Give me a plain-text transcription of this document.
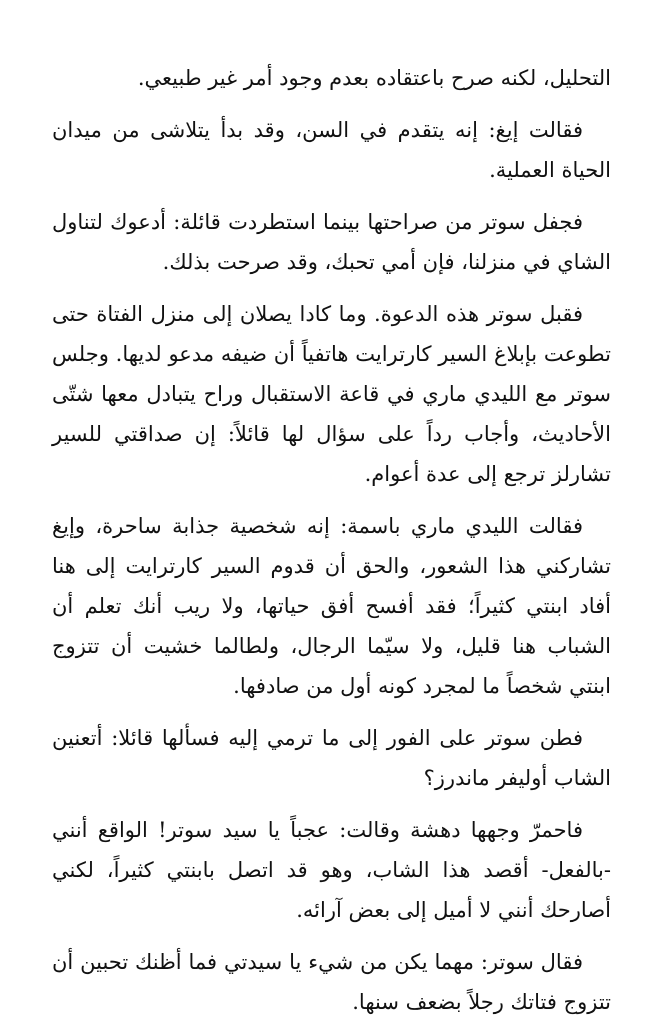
التحليل، لكنه صرح باعتقاده بعدم وجود أمر غير طبيعي.

فقالت إيغ: إنه يتقدم في السن، وقد بدأ يتلاشى من ميدان الحياة العملية.

فجفل سوتر من صراحتها بينما استطردت قائلة: أدعوك لتناول الشاي في منزلنا، فإن أمي تحبك، وقد صرحت بذلك.

فقبل سوتر هذه الدعوة. وما كادا يصلان إلى منزل الفتاة حتى تطوعت بإبلاغ السير كارترايت هاتفياً أن ضيفه مدعو لديها. وجلس سوتر مع الليدي ماري في قاعة الاستقبال وراح يتبادل معها شتّى الأحاديث، وأجاب رداً على سؤال لها قائلاً: إن صداقتي للسير تشارلز ترجع إلى عدة أعوام.

فقالت الليدي ماري باسمة: إنه شخصية جذابة ساحرة، وإيغ تشاركني هذا الشعور، والحق أن قدوم السير كارترايت إلى هنا أفاد ابنتي كثيراً؛ فقد أفسح أفق حياتها، ولا ريب أنك تعلم أن الشباب هنا قليل، ولا سيّما الرجال، ولطالما خشيت أن تتزوج ابنتي شخصاً ما لمجرد كونه أول من صادفها.

فطن سوتر على الفور إلى ما ترمي إليه فسألها قائلا: أتعنين الشاب أوليفر ماندرز؟

فاحمرّ وجهها دهشة وقالت: عجباً يا سيد سوتر! الواقع أنني -بالفعل- أقصد هذا الشاب، وهو قد اتصل بابنتي كثيراً، لكني أصارحك أنني لا أميل إلى بعض آرائه.

فقال سوتر: مهما يكن من شيء يا سيدتي فما أظنك تحبين أن تتزوج فتاتك رجلاً بضعف سنها.
